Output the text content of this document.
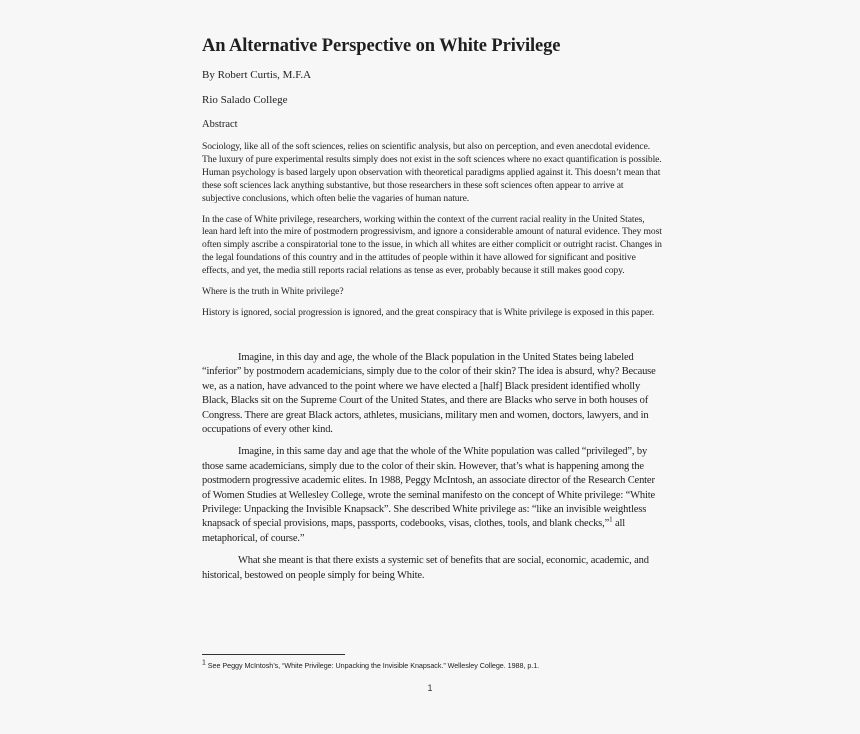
An Alternative Perspective on White Privilege

By Robert Curtis, M.F.A

Rio Salado College

Abstract

Sociology, like all of the soft sciences, relies on scientific analysis, but also on perception, and even anecdotal evidence. The luxury of pure experimental results simply does not exist in the soft sciences where no exact quantification is possible. Human psychology is based largely upon observation with theoretical paradigms applied against it. This doesn’t mean that these soft sciences lack anything substantive, but those researchers in these soft sciences often appear to arrive at subjective conclusions, which often belie the vagaries of human nature.

In the case of White privilege, researchers, working within the context of the current racial reality in the United States, lean hard left into the mire of postmodern progressivism, and ignore a considerable amount of natural evidence. They most often simply ascribe a conspiratorial tone to the issue, in which all whites are either complicit or outright racist. Changes in the legal foundations of this country and in the attitudes of people within it have allowed for significant and positive effects, and yet, the media still reports racial relations as tense as ever, probably because it still makes good copy.

Where is the truth in White privilege?

History is ignored, social progression is ignored, and the great conspiracy that is White privilege is exposed in this paper.

Imagine, in this day and age, the whole of the Black population in the United States being labeled “inferior” by postmodern academicians, simply due to the color of their skin? The idea is absurd, why? Because we, as a nation, have advanced to the point where we have elected a [half] Black president identified wholly Black, Blacks sit on the Supreme Court of the United States, and there are Blacks who serve in both houses of Congress. There are great Black actors, athletes, musicians, military men and women, doctors, lawyers, and in occupations of every other kind.

Imagine, in this same day and age that the whole of the White population was called “privileged”, by those same academicians, simply due to the color of their skin. However, that’s what is happening among the postmodern progressive academic elites. In 1988, Peggy McIntosh, an associate director of the Research Center of Women Studies at Wellesley College, wrote the seminal manifesto on the concept of White privilege: “White Privilege: Unpacking the Invisible Knapsack”. She described White privilege as: “like an invisible weightless knapsack of special provisions, maps, passports, codebooks, visas, clothes, tools, and blank checks,”$^1$ all metaphorical, of course.”

What she meant is that there exists a systemic set of benefits that are social, economic, academic, and historical, bestowed on people simply for being White.

1 See Peggy McIntosh’s, “White Privilege: Unpacking the Invisible Knapsack.” Wellesley College. 1988, p.1.
1
